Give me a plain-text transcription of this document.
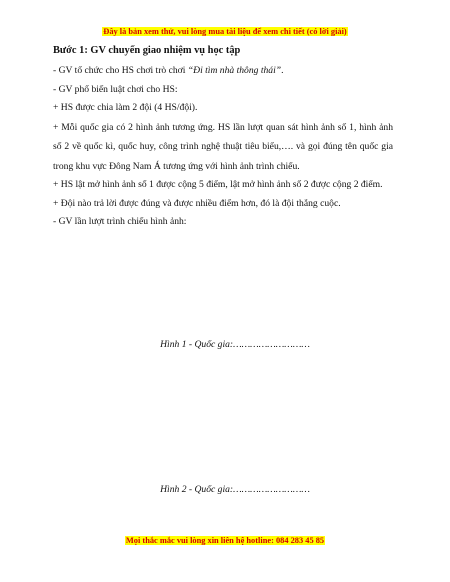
Đây là bản xem thử, vui lòng mua tài liệu để xem chi tiết (có lời giải)
Bước 1: GV chuyển giao nhiệm vụ học tập

- GV tổ chức cho HS chơi trò chơi “Đi tìm nhà thông thái”.

- GV phổ biến luật chơi cho HS:

+ HS được chia làm 2 đội (4 HS/đội).

+ Mỗi quốc gia có 2 hình ảnh tương ứng. HS lần lượt quan sát hình ảnh số 1, hình ảnh số 2 về quốc kì, quốc huy, công trình nghệ thuật tiêu biểu,…. và gọi đúng tên quốc gia trong khu vực Đông Nam Á tương ứng với hình ảnh trình chiếu.

+ HS lật mở hình ảnh số 1 được cộng 5 điểm, lật mở hình ảnh số 2 được cộng 2 điểm.

+ Đội nào trả lời được đúng và được nhiều điểm hơn, đó là đội thắng cuộc.

- GV lần lượt trình chiếu hình ảnh:

Hình 1 - Quốc gia:………………………
Hình 2 - Quốc gia:………………………
Mọi thắc mắc vui lòng xin liên hệ hotline: 084 283 45 85
